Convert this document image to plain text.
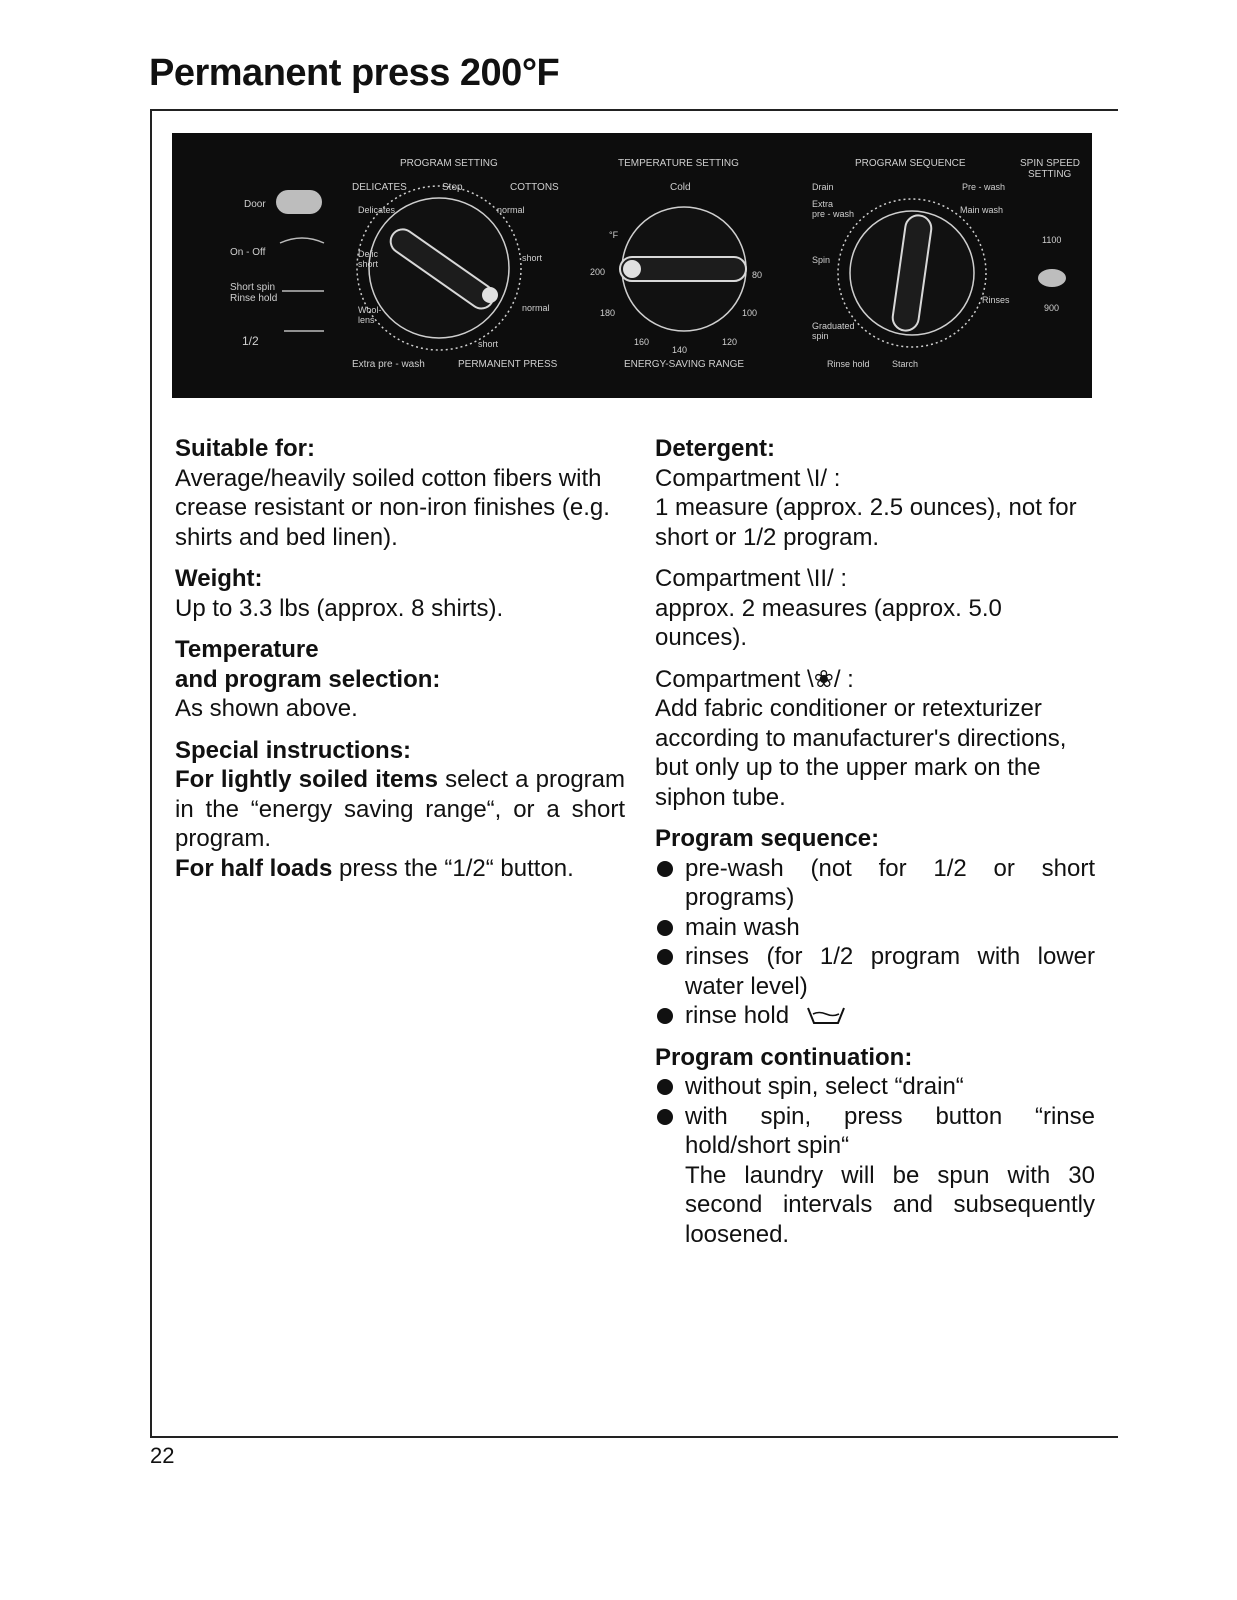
Permanent press 200°F
PROGRAM SETTING	TEMPERATURE SETTING	PROGRAM SEQUENCE	SPIN SPEED
SETTING
Door
On - Off
Short spin
Rinse hold
1/2
DELICATES	Stop	COTTONS
Delicates	normal
Delic
short
short
Wool-
lens
normal
short
Extra pre - wash	PERMANENT PRESS
Cold
°F
200
180
160
140
120
100
80
ENERGY-SAVING RANGE
Drain	Pre - wash
Extra
pre - wash	Main wash
Spin
Rinses
Graduated
spin
Rinse hold Starch
1100
900
Suitable for:

Average/heavily soiled cotton fibers with crease resistant or non-iron finishes (e.g. shirts and bed linen).

Weight:

Up to 3.3 lbs (approx. 8 shirts).

Temperature
and program selection:

As shown above.

Special instructions:

For lightly soiled items select a program in the “energy saving range“, or a short program.

For half loads press the “1/2“ button.

Detergent:

Compartment \I/ :

1 measure (approx. 2.5 ounces), not for short or 1/2 program.

Compartment \II/ :

approx. 2 measures (approx. 5.0 ounces).

Compartment \❀/ :

Add fabric conditioner or retexturizer according to manufacturer's directions, but only up to the upper mark on the siphon tube.

Program sequence:
pre-wash (not for 1/2 or short programs)
main wash
rinses (for 1/2 program with lower water level)
rinse hold
Program continuation:
without spin, select “drain“
with spin, press button “rinse hold/short spin“
The laundry will be spun with 30 second intervals and subsequently loosened.
22
